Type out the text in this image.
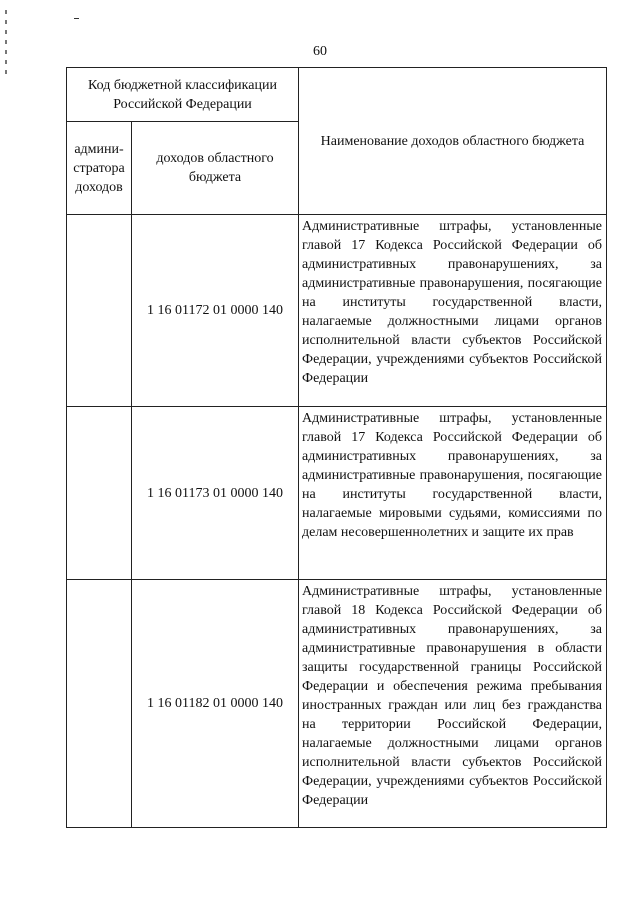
60
Код бюджетной классификации Российской Федерации		Наименование доходов областного бюджета
админи-стратора доходов	доходов областного бюджета	
	1 16 01172 01 0000 140	Административные штрафы, установленные главой 17 Кодекса Российской Федерации об административных правонарушениях, за административные правонарушения, посягающие на институты государственной власти, налагаемые должностными лицами органов исполнительной власти субъектов Российской Федерации, учреждениями субъектов Российской Федерации
	1 16 01173 01 0000 140	Административные штрафы, установленные главой 17 Кодекса Российской Федерации об административных правонарушениях, за административные правонарушения, посягающие на институты государственной власти, налагаемые мировыми судьями, комиссиями по делам несовершеннолетних и защите их прав
	1 16 01182 01 0000 140	Административные штрафы, установленные главой 18 Кодекса Российской Федерации об административных правонарушениях, за административные правонарушения в области защиты государственной границы Российской Федерации и обеспечения режима пребывания иностранных граждан или лиц без гражданства на территории Российской Федерации, налагаемые должностными лицами органов исполнительной власти субъектов Российской Федерации, учреждениями субъектов Российской Федерации
